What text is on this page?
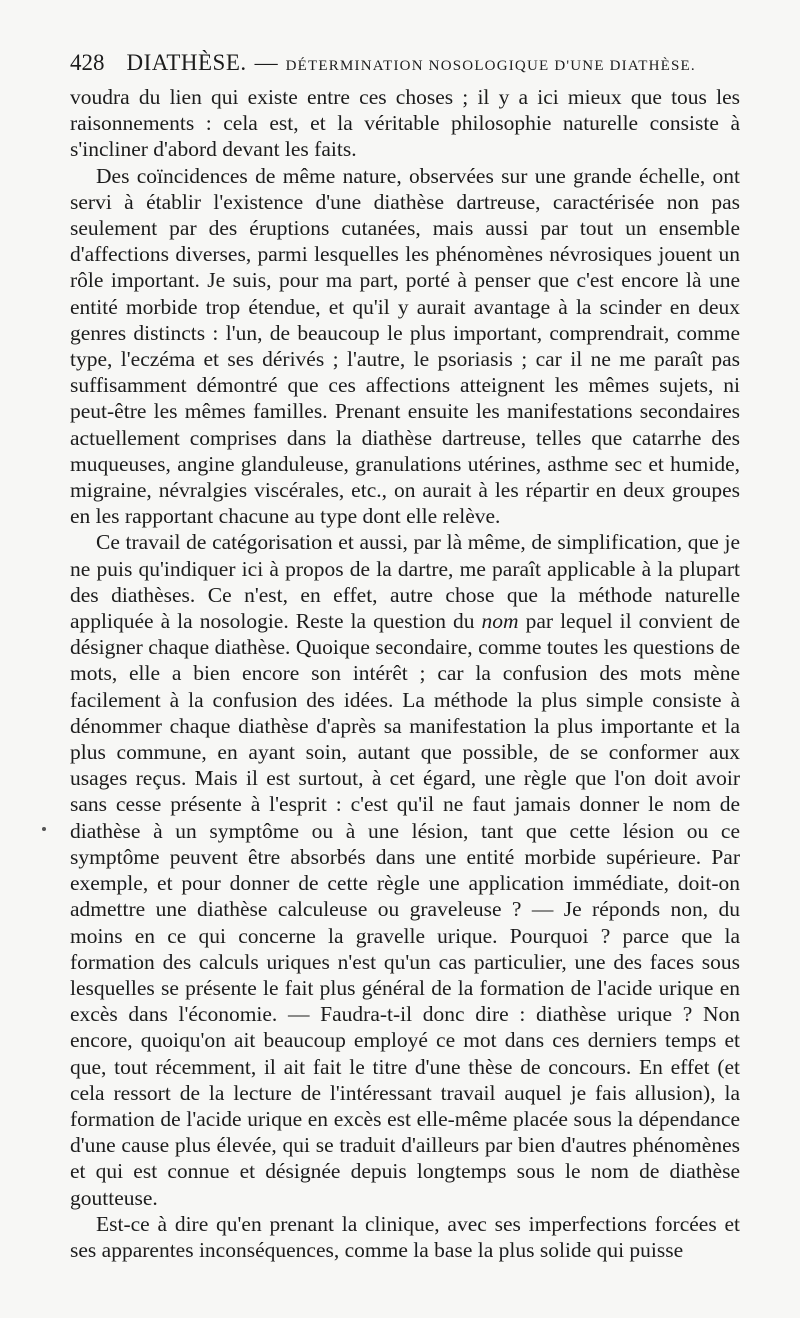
428 DIATHÈSE. — DÉTERMINATION NOSOLOGIQUE D'UNE DIATHÈSE.

voudra du lien qui existe entre ces choses ; il y a ici mieux que tous les raisonnements : cela est, et la véritable philosophie naturelle consiste à s'incliner d'abord devant les faits.

Des coïncidences de même nature, observées sur une grande échelle, ont servi à établir l'existence d'une diathèse dartreuse, caractérisée non pas seulement par des éruptions cutanées, mais aussi par tout un ensemble d'affections diverses, parmi lesquelles les phénomènes névrosiques jouent un rôle important. Je suis, pour ma part, porté à penser que c'est encore là une entité morbide trop étendue, et qu'il y aurait avantage à la scinder en deux genres distincts : l'un, de beaucoup le plus important, comprendrait, comme type, l'eczéma et ses dérivés ; l'autre, le psoriasis ; car il ne me paraît pas suffisamment démontré que ces affections atteignent les mêmes sujets, ni peut-être les mêmes familles. Prenant ensuite les manifestations secondaires actuellement comprises dans la diathèse dartreuse, telles que catarrhe des muqueuses, angine glanduleuse, granulations utérines, asthme sec et humide, migraine, névralgies viscérales, etc., on aurait à les répartir en deux groupes en les rapportant chacune au type dont elle relève.

Ce travail de catégorisation et aussi, par là même, de simplification, que je ne puis qu'indiquer ici à propos de la dartre, me paraît applicable à la plupart des diathèses. Ce n'est, en effet, autre chose que la méthode naturelle appliquée à la nosologie. Reste la question du nom par lequel il convient de désigner chaque diathèse. Quoique secondaire, comme toutes les questions de mots, elle a bien encore son intérêt ; car la confusion des mots mène facilement à la confusion des idées. La méthode la plus simple consiste à dénommer chaque diathèse d'après sa manifestation la plus importante et la plus commune, en ayant soin, autant que possible, de se conformer aux usages reçus. Mais il est surtout, à cet égard, une règle que l'on doit avoir sans cesse présente à l'esprit : c'est qu'il ne faut jamais donner le nom de diathèse à un symptôme ou à une lésion, tant que cette lésion ou ce symptôme peuvent être absorbés dans une entité morbide supérieure. Par exemple, et pour donner de cette règle une application immédiate, doit-on admettre une diathèse calculeuse ou graveleuse ? — Je réponds non, du moins en ce qui concerne la gravelle urique. Pourquoi ? parce que la formation des calculs uriques n'est qu'un cas particulier, une des faces sous lesquelles se présente le fait plus général de la formation de l'acide urique en excès dans l'économie. — Faudra-t-il donc dire : diathèse urique ? Non encore, quoiqu'on ait beaucoup employé ce mot dans ces derniers temps et que, tout récemment, il ait fait le titre d'une thèse de concours. En effet (et cela ressort de la lecture de l'intéressant travail auquel je fais allusion), la formation de l'acide urique en excès est elle-même placée sous la dépendance d'une cause plus élevée, qui se traduit d'ailleurs par bien d'autres phénomènes et qui est connue et désignée depuis longtemps sous le nom de diathèse goutteuse.

Est-ce à dire qu'en prenant la clinique, avec ses imperfections forcées et ses apparentes inconséquences, comme la base la plus solide qui puisse
